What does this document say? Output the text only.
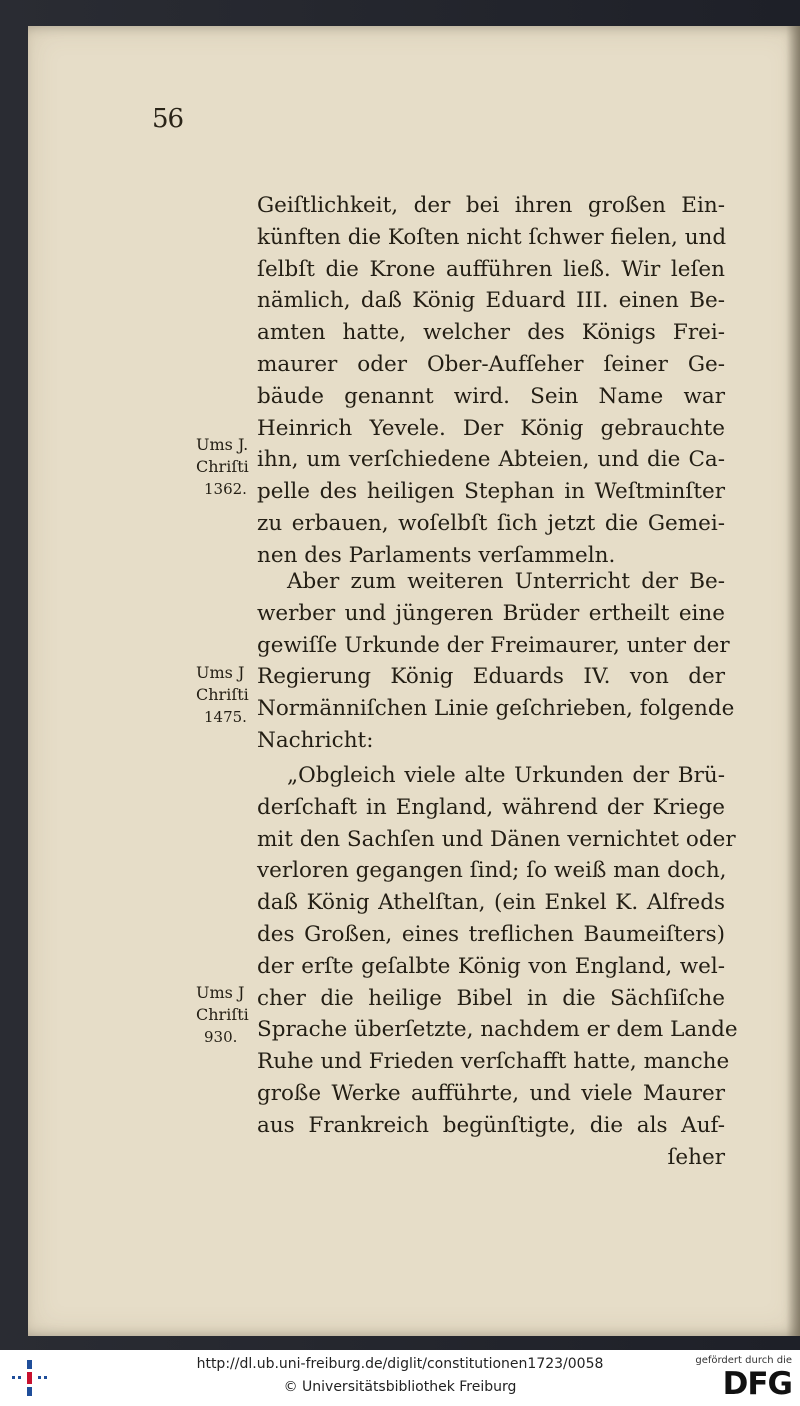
56
Geiſtlichkeit, der bei ihren großen Ein-
künften die Koſten nicht ſchwer fielen, und
ſelbſt die Krone aufführen ließ. Wir leſen
nämlich, daß König Eduard III. einen Be-
amten hatte, welcher des Königs Frei-
maurer oder Ober-Aufſeher ſeiner Ge-
bäude genannt wird. Sein Name war
Heinrich Yevele. Der König gebrauchte
ihn, um verſchiedene Abteien, und die Ca-
pelle des heiligen Stephan in Weſtminſter
zu erbauen, woſelbſt ſich jetzt die Gemei-
nen des Parlaments verſammeln.
Aber zum weiteren Unterricht der Be-
werber und jüngeren Brüder ertheilt eine
gewiſſe Urkunde der Freimaurer, unter der
Regierung König Eduards IV. von der
Normänniſchen Linie geſchrieben, folgende
Nachricht:
„Obgleich viele alte Urkunden der Brü-
derſchaft in England, während der Kriege
mit den Sachſen und Dänen vernichtet oder
verloren gegangen ſind; ſo weiß man doch,
daß König Athelſtan, (ein Enkel K. Alfreds
des Großen, eines treflichen Baumeiſters)
der erſte geſalbte König von England, wel-
cher die heilige Bibel in die Sächſiſche
Sprache überſetzte, nachdem er dem Lande
Ruhe und Frieden verſchafft hatte, manche
große Werke aufführte, und viele Maurer
aus Frankreich begünſtigte, die als Auf-
ſeher
Ums J.
Chriſti
1362.
Ums J
Chriſti
1475.
Ums J
Chriſti
930.
http://dl.ub.uni-freiburg.de/diglit/constitutionen1723/0058
© Universitätsbibliothek Freiburg
gefördert durch die
DFG
